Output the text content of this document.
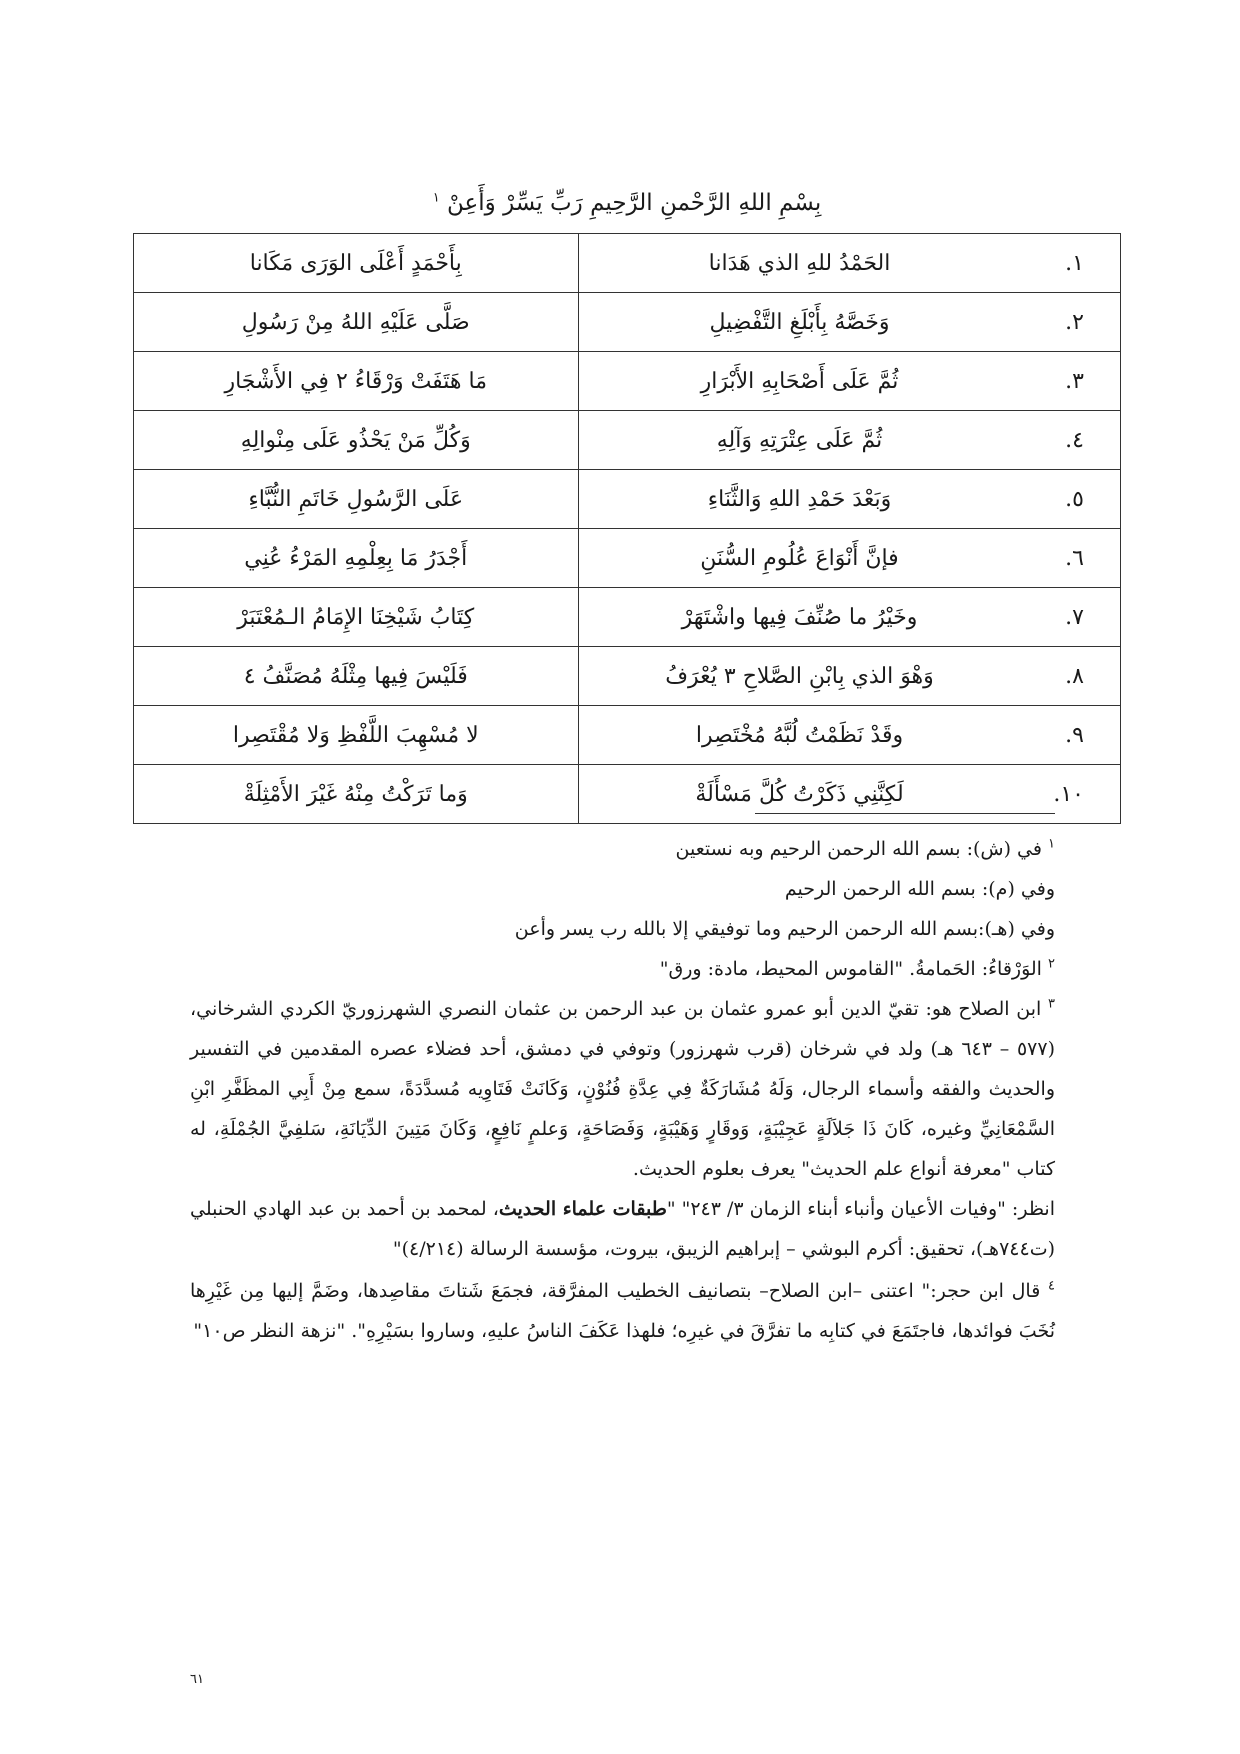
بِسْمِ اللهِ الرَّحْمنِ الرَّحِيمِ رَبِّ يَسِّرْ وَأَعِنْ $^١$
١.	الحَمْدُ للهِ الذي هَدَانا	بِأَحْمَدٍ أَعْلَى الوَرَى مَكَانا
٢.	وَخَصَّهُ بِأَبْلَغِ التَّفْضِيلِ	صَلَّى عَلَيْهِ اللهُ مِنْ رَسُولِ
٣.	ثُمَّ عَلَى أَصْحَابِهِ الأَبْرَارِ	مَا هَتَفَتْ وَرْقَاءُ ٢ فِي الأَشْجَارِ
٤.	ثُمَّ عَلَى عِتْرَتِهِ وَآلِهِ	وَكُلِّ مَنْ يَحْذُو عَلَى مِنْوالِهِ
٥.	وَبَعْدَ حَمْدِ اللهِ وَالثَّنَاءِ	عَلَى الرَّسُولِ خَاتَمِ النُّبَّاءِ
٦.	فإنَّ أَنْوَاعَ عُلُومِ السُّنَنِ	أَجْدَرُ مَا بِعِلْمِهِ المَرْءُ عُنِي
٧.	وخَيْرُ ما صُنِّفَ فِيها واشْتَهَرْ	كِتَابُ شَيْخِنَا الإِمَامُ الـمُعْتَبَرْ
٨.	وَهْوَ الذي بِابْنِ الصَّلاحِ ٣ يُعْرَفُ	فَلَيْسَ فِيها مِثْلَهُ مُصَنَّفُ ٤
٩.	وقَدْ نَظَمْتُ لُبَّهُ مُخْتَصِرا	لا مُسْهِبَ اللَّفْظِ وَلا مُقْتَصِرا
١٠.	لَكِنَّنِي ذَكَرْتُ كُلَّ مَسْأَلَةْ	وَما تَرَكْتُ مِنْهُ غَيْرَ الأَمْثِلَةْ

$^١$ في (ش): بسم الله الرحمن الرحيم وبه نستعين

وفي (م): بسم الله الرحمن الرحيم

وفي (هـ):بسم الله الرحمن الرحيم وما توفيقي إلا بالله رب يسر وأعن

$^٢$ الوَرْقاءُ: الحَمامةُ. "القاموس المحيط، مادة: ورق"

$^٣$ ابن الصلاح هو: تقيّ الدين أبو عمرو عثمان بن عبد الرحمن بن عثمان النصري الشهرزوريّ الكردي الشرخاني، (٥٧٧ – ٦٤٣ هـ) ولد في شرخان (قرب شهرزور) وتوفي في دمشق، أحد فضلاء عصره المقدمين في التفسير والحديث والفقه وأسماء الرجال، وَلَهُ مُشَارَكَةٌ فِي عِدَّةِ فُنُوْنٍ، وَكَانَتْ فَتَاوِيه مُسدَّدَةً، سمع مِنْ أَبِي المظَفَّرِ ابْنِ السَّمْعَانِيِّ وغيره، كَانَ ذَا جَلاَلَةٍ عَجِيْبَةٍ، وَوقَارٍ وَهَيْبَةٍ، وَفَصَاحَةٍ، وَعلمٍ نَافِعٍ، وَكَانَ مَتِينَ الدِّيَانَةِ، سَلفِيَّ الجُمْلَةِ، له كتاب "معرفة أنواع علم الحديث" يعرف بعلوم الحديث.

انظر: "وفيات الأعيان وأنباء أبناء الزمان ٣/ ٢٤٣" "طبقات علماء الحديث، لمحمد بن أحمد بن عبد الهادي الحنبلي (ت٧٤٤هـ)، تحقيق: أكرم البوشي – إبراهيم الزيبق، بيروت، مؤسسة الرسالة (٤/٢١٤)"

$^٤$ قال ابن حجر:" اعتنى –ابن الصلاح– بتصانيف الخطيب المفرَّقة، فجمَعَ شَتاتَ مقاصِدها، وضَمَّ إليها مِن غَيْرِها نُخَبَ فوائدها، فاجتَمَعَ في كتابِه ما تفرَّقَ في غيرِه؛ فلهذا عَكَفَ الناسُ عليهِ، وساروا بسَيْرِهِ". "نزهة النظر ص١٠"

٦١
